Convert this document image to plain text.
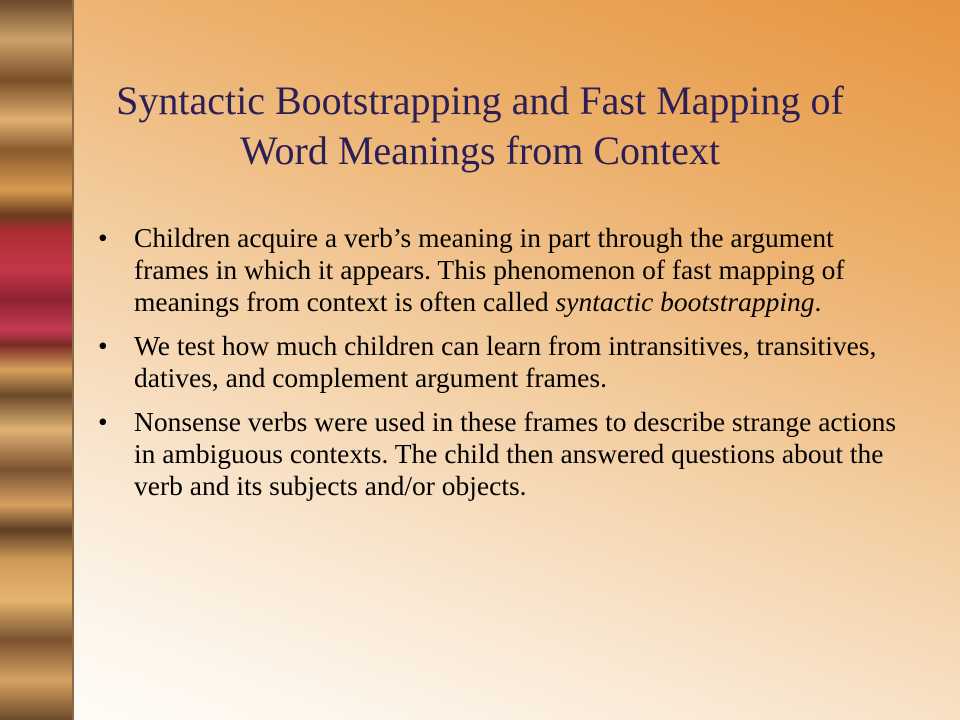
Syntactic Bootstrapping and Fast Mapping of Word Meanings from Context
• Children acquire a verb’s meaning in part through the argument frames in which it appears. This phenomenon of fast mapping of meanings from context is often called syntactic bootstrapping.
• We test how much children can learn from intransitives, transitives, datives, and complement argument frames.
• Nonsense verbs were used in these frames to describe strange actions in ambiguous contexts. The child then answered questions about the verb and its subjects and/or objects.
